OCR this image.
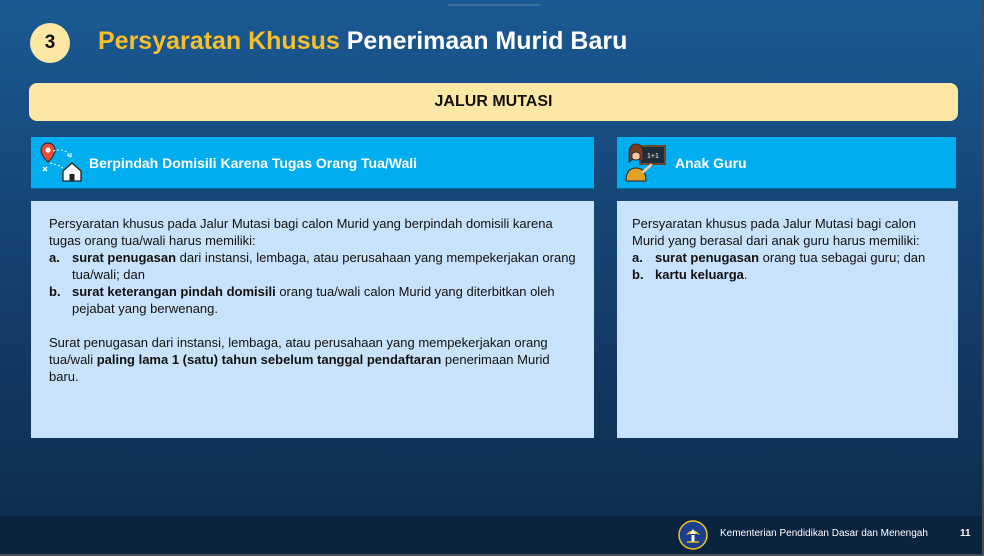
3 Persyaratan Khusus Penerimaan Murid Baru
JALUR MUTASI
Berpindah Domisili Karena Tugas Orang Tua/Wali	1+1 Anak Guru

Persyaratan khusus pada Jalur Mutasi bagi calon Murid yang berpindah domisili karena tugas orang tua/wali harus memiliki:

a. surat penugasan dari instansi, lembaga, atau perusahaan yang mempekerjakan orang tua/wali; dan
b. surat keterangan pindah domisili orang tua/wali calon Murid yang diterbitkan oleh pejabat yang berwenang.

Surat penugasan dari instansi, lembaga, atau perusahaan yang mempekerjakan orang tua/wali paling lama 1 (satu) tahun sebelum tanggal pendaftaran penerimaan Murid baru.

Persyaratan khusus pada Jalur Mutasi bagi calon Murid yang berasal dari anak guru harus memiliki:

a. surat penugasan orang tua sebagai guru; dan
b. kartu keluarga.
Kementerian Pendidikan Dasar dan Menengah	11
